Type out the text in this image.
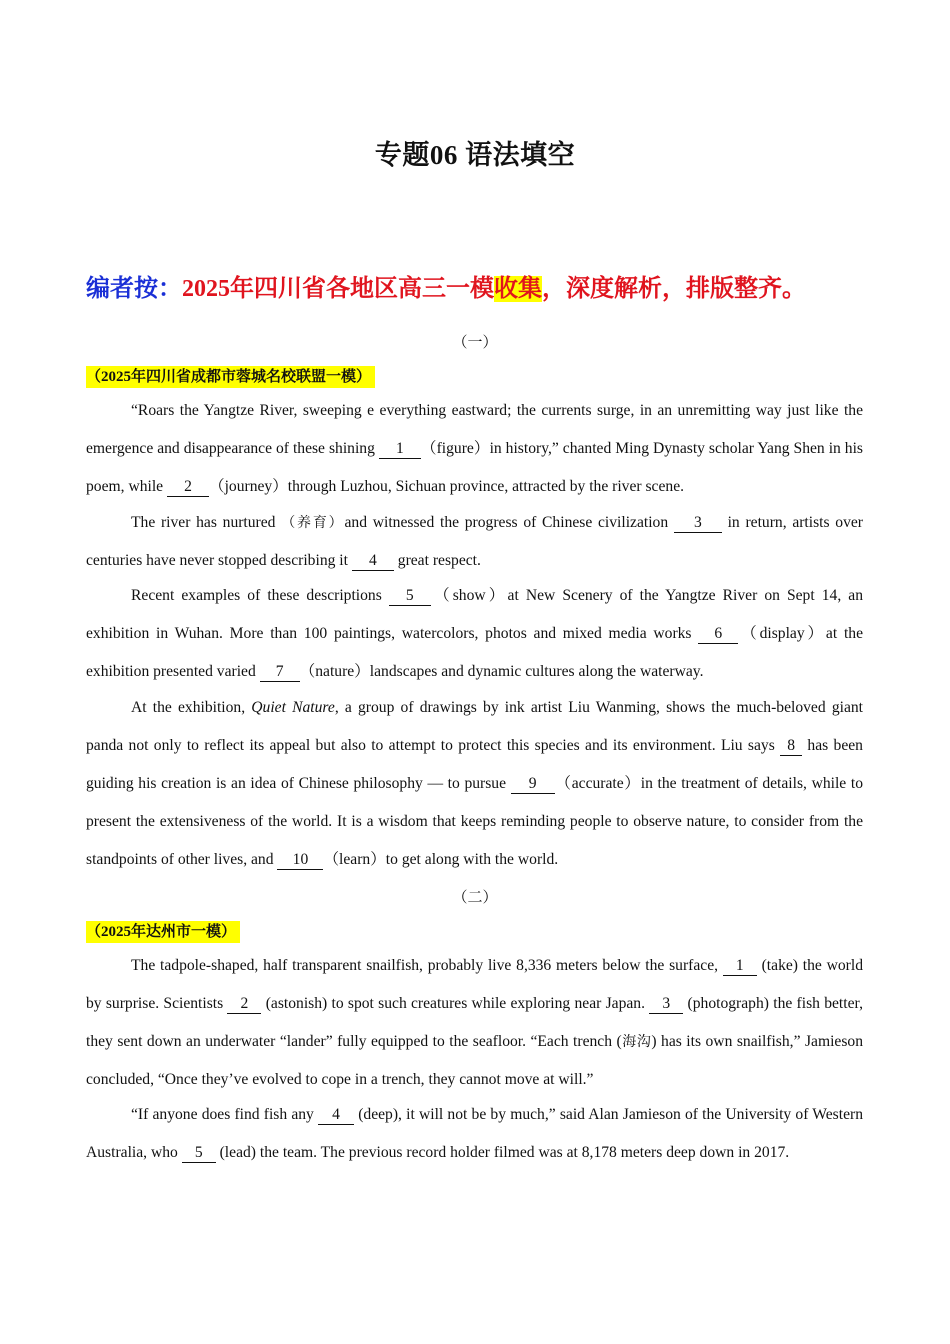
专题06 语法填空
编者按：2025年四川省各地区高三一模收集，深度解析，排版整齐。
（一）
（2025年四川省成都市蓉城名校联盟一模）
“Roars the Yangtze River, sweeping e everything eastward; the currents surge, in an unremitting way just like the emergence and disappearance of these shining 1 （figure）in history,” chanted Ming Dynasty scholar Yang Shen in his poem, while 2 （journey）through Luzhou, Sichuan province, attracted by the river scene.
The river has nurtured （养育）and witnessed the progress of Chinese civilization 3 in return, artists over centuries have never stopped describing it 4 great respect.
Recent examples of these descriptions 5 （show）at New Scenery of the Yangtze River on Sept 14, an exhibition in Wuhan. More than 100 paintings, watercolors, photos and mixed media works 6 （display）at the exhibition presented varied 7 （nature）landscapes and dynamic cultures along the waterway.
At the exhibition, Quiet Nature, a group of drawings by ink artist Liu Wanming, shows the much-beloved giant panda not only to reflect its appeal but also to attempt to protect this species and its environment. Liu says 8 has been guiding his creation is an idea of Chinese philosophy — to pursue 9 （accurate）in the treatment of details, while to present the extensiveness of the world. It is a wisdom that keeps reminding people to observe nature, to consider from the standpoints of other lives, and 10 （learn）to get along with the world.
（二）
（2025年达州市一模）
The tadpole-shaped, half transparent snailfish, probably live 8,336 meters below the surface, 1 (take) the world by surprise. Scientists 2 (astonish) to spot such creatures while exploring near Japan. 3 (photograph) the fish better, they sent down an underwater “lander” fully equipped to the seafloor. “Each trench (海沟) has its own snailfish,” Jamieson concluded, “Once they’ve evolved to cope in a trench, they cannot move at will.”
“If anyone does find fish any 4 (deep), it will not be by much,” said Alan Jamieson of the University of Western Australia, who 5 (lead) the team. The previous record holder filmed was at 8,178 meters deep down in 2017.
